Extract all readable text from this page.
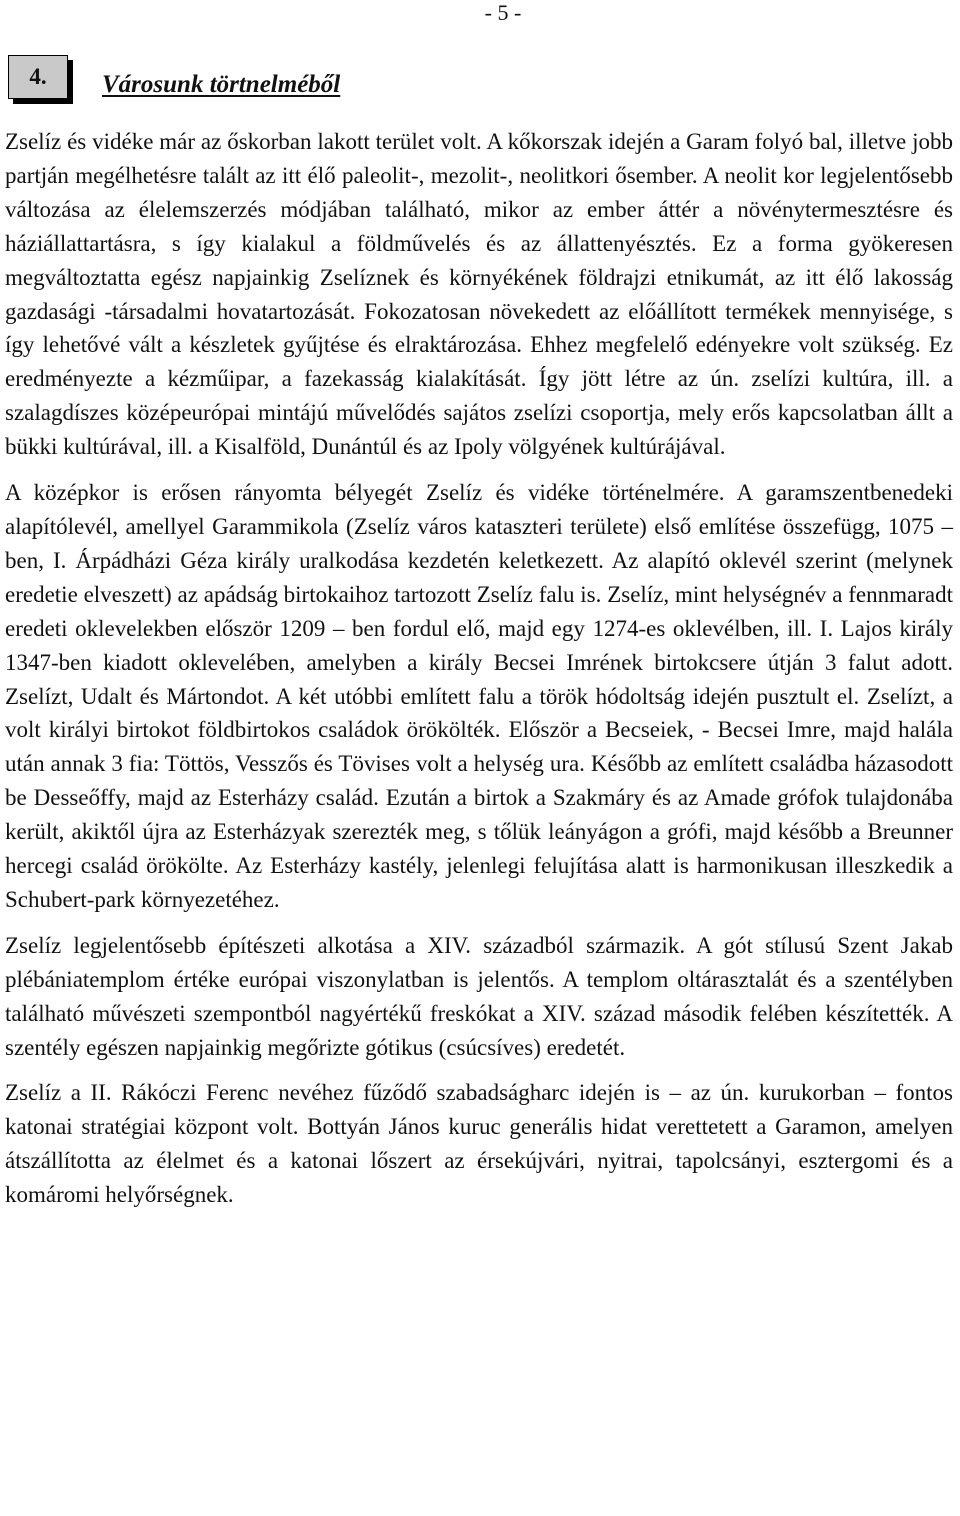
- 5 -
4. Városunk törtnelméből

Zselíz és vidéke már az őskorban lakott terület volt. A kőkorszak idején a Garam folyó bal, illetve jobb partján megélhetésre talált az itt élő paleolit-, mezolit-, neolitkori ősember. A neolit kor legjelentősebb változása az élelemszerzés módjában található, mikor az ember áttér a növénytermesztésre és háziállattartásra, s így kialakul a földművelés és az állattenyésztés. Ez a forma gyökeresen megváltoztatta egész napjainkig Zselíznek és környékének földrajzi etnikumát, az itt élő lakosság gazdasági -társadalmi hovatartozását. Fokozatosan növekedett az előállított termékek mennyisége, s így lehetővé vált a készletek gyűjtése és elraktározása. Ehhez megfelelő edényekre volt szükség. Ez eredményezte a kézműipar, a fazekasság kialakítását. Így jött létre az ún. zselízi kultúra, ill. a szalagdíszes középeurópai mintájú művelődés sajátos zselízi csoportja, mely erős kapcsolatban állt a bükki kultúrával, ill. a Kisalföld, Dunántúl és az Ipoly völgyének kultúrájával.

A középkor is erősen rányomta bélyegét Zselíz és vidéke történelmére. A garamszentbenedeki alapítólevél, amellyel Garammikola (Zselíz város kataszteri területe) első említése összefügg, 1075 – ben, I. Árpádházi Géza király uralkodása kezdetén keletkezett. Az alapító oklevél szerint (melynek eredetie elveszett) az apádság birtokaihoz tartozott Zselíz falu is. Zselíz, mint helységnév a fennmaradt eredeti oklevelekben először 1209 – ben fordul elő, majd egy 1274-es oklevélben, ill. I. Lajos király 1347-ben kiadott oklevelében, amelyben a király Becsei Imrének birtokcsere útján 3 falut adott. Zselízt, Udalt és Mártondot. A két utóbbi említett falu a török hódoltság idején pusztult el. Zselízt, a volt királyi birtokot földbirtokos családok örökölték. Először a Becseiek, - Becsei Imre, majd halála után annak 3 fia: Töttös, Vesszős és Tövises volt a helység ura. Később az említett családba házasodott be Desseőffy, majd az Esterházy család. Ezután a birtok a Szakmáry és az Amade grófok tulajdonába került, akiktől újra az Esterházyak szerezték meg, s tőlük leányágon a grófi, majd később a Breunner hercegi család örökölte. Az Esterházy kastély, jelenlegi felujítása alatt is harmonikusan illeszkedik a Schubert-park környezetéhez.

Zselíz legjelentősebb építészeti alkotása a XIV. századból származik. A gót stílusú Szent Jakab plébániatemplom értéke európai viszonylatban is jelentős. A templom oltárasztalát és a szentélyben található művészeti szempontból nagyértékű freskókat a XIV. század második felében készítették. A szentély egészen napjainkig megőrizte gótikus (csúcsíves) eredetét.

Zselíz a II. Rákóczi Ferenc nevéhez fűződő szabadságharc idején is – az ún. kurukorban – fontos katonai stratégiai központ volt. Bottyán János kuruc generális hidat verettetett a Garamon, amelyen átszállította az élelmet és a katonai lőszert az érsekújvári, nyitrai, tapolcsányi, esztergomi és a komáromi helyőrségnek.
